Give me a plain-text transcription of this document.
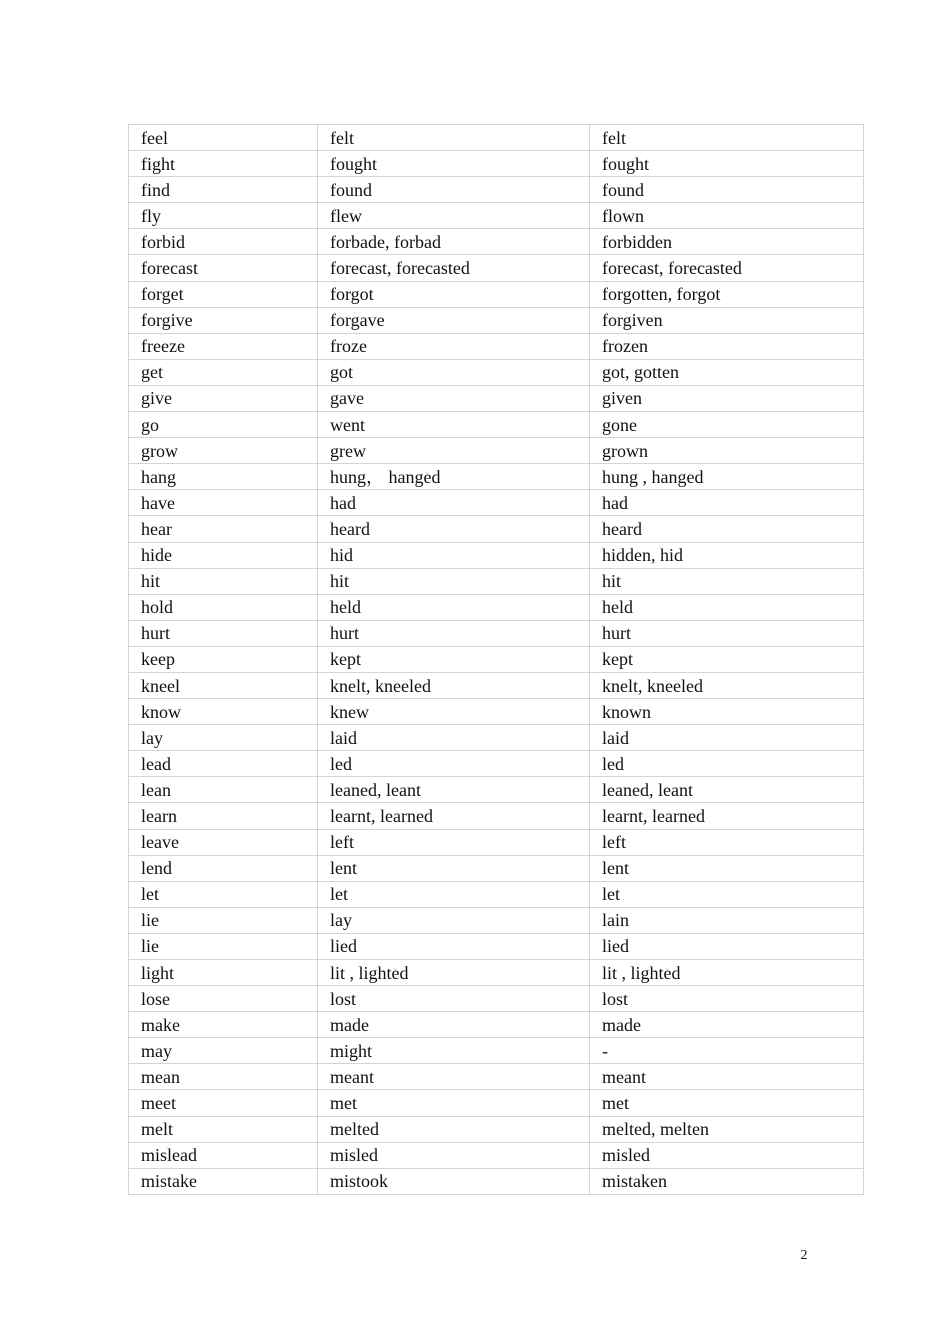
feel	felt	felt
fight	fought	fought
find	found	found
fly	flew	flown
forbid	forbade, forbad	forbidden
forecast	forecast, forecasted	forecast, forecasted
forget	forgot	forgotten, forgot
forgive	forgave	forgiven
freeze	froze	frozen
get	got	got, gotten
give	gave	given
go	went	gone
grow	grew	grown
hang	hung， hanged	hung , hanged
have	had	had
hear	heard	heard
hide	hid	hidden, hid
hit	hit	hit
hold	held	held
hurt	hurt	hurt
keep	kept	kept
kneel	knelt, kneeled	knelt, kneeled
know	knew	known
lay	laid	laid
lead	led	led
lean	leaned, leant	leaned, leant
learn	learnt, learned	learnt, learned
leave	left	left
lend	lent	lent
let	let	let
lie	lay	lain
lie	lied	lied
light	lit , lighted	lit , lighted
lose	lost	lost
make	made	made
may	might	-
mean	meant	meant
meet	met	met
melt	melted	melted, melten
mislead	misled	misled
mistake	mistook	mistaken
2
